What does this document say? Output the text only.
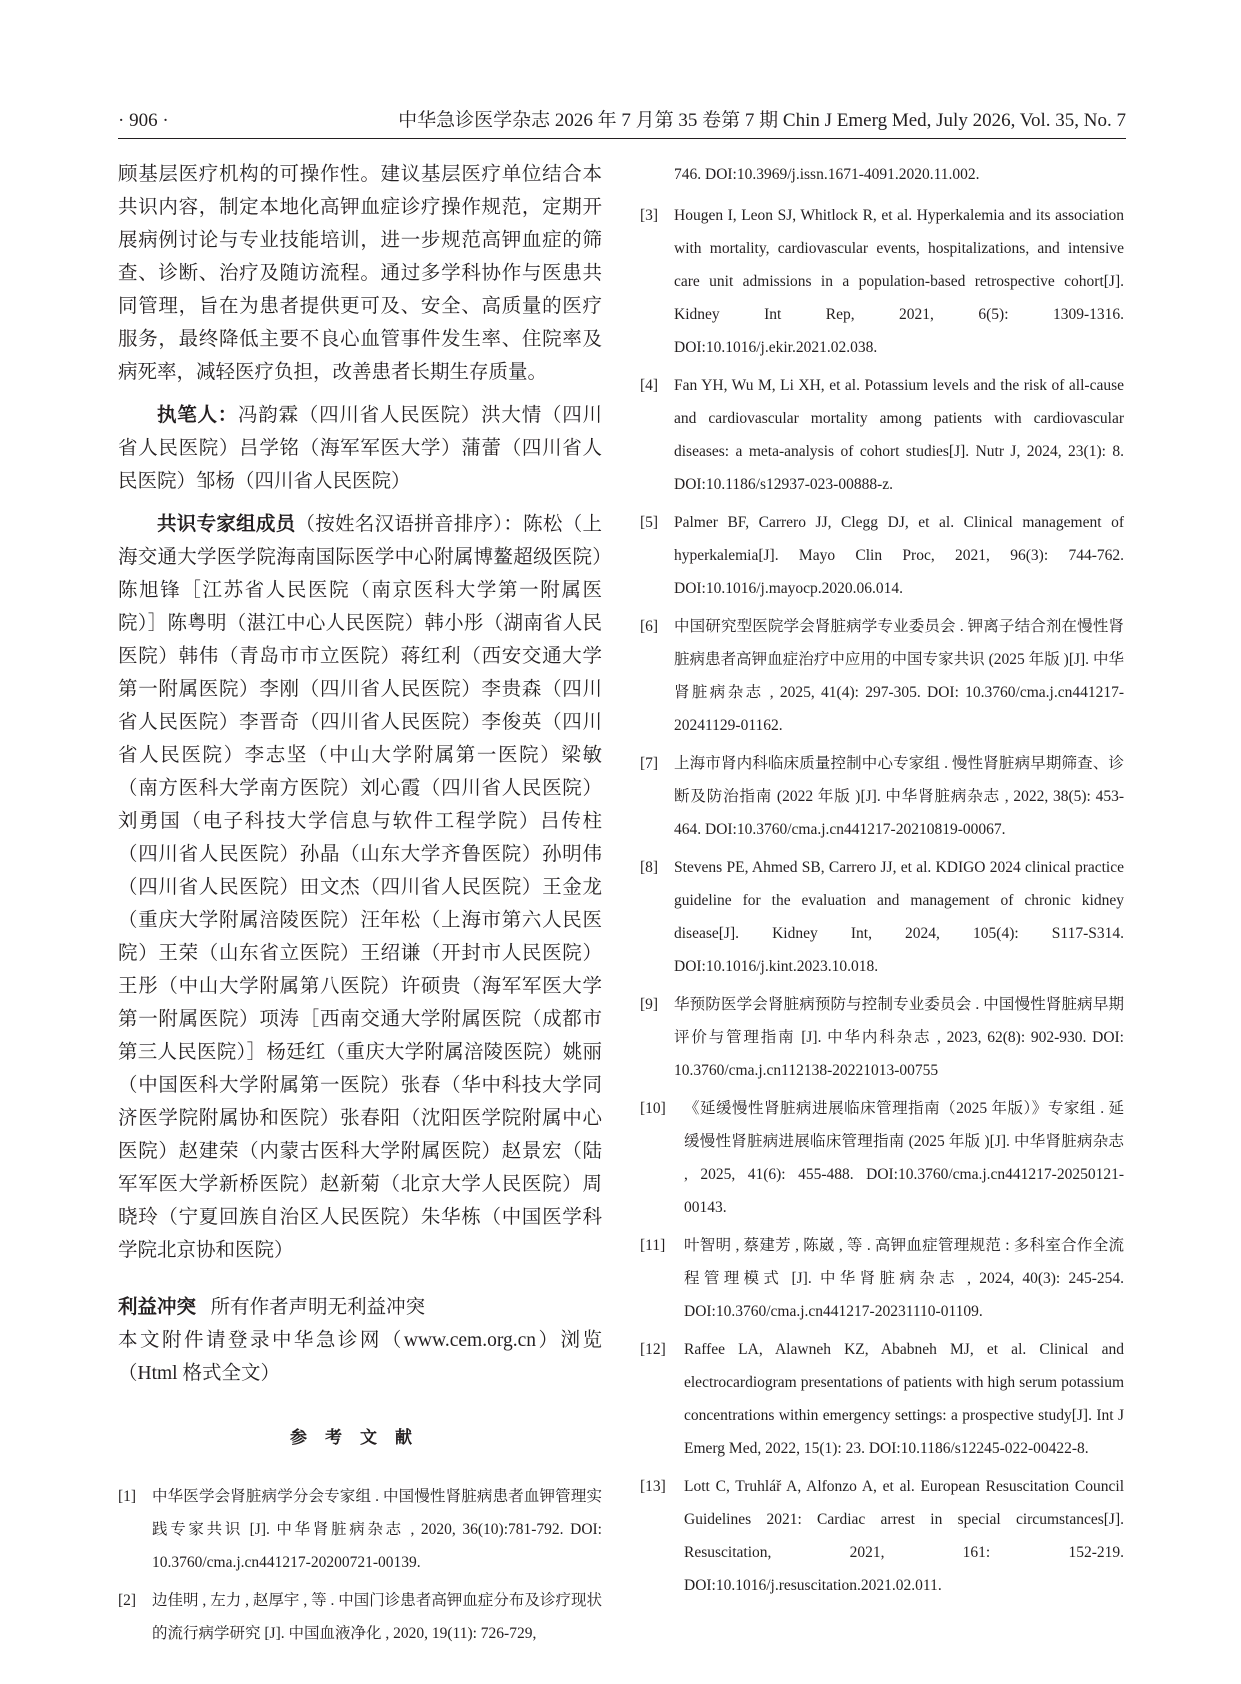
· 906 ·	中华急诊医学杂志 2026 年 7 月第 35 卷第 7 期 Chin J Emerg Med, July 2026, Vol. 35, No. 7

顾基层医疗机构的可操作性。建议基层医疗单位结合本共识内容，制定本地化高钾血症诊疗操作规范，定期开展病例讨论与专业技能培训，进一步规范高钾血症的筛查、诊断、治疗及随访流程。通过多学科协作与医患共同管理，旨在为患者提供更可及、安全、高质量的医疗服务，最终降低主要不良心血管事件发生率、住院率及病死率，减轻医疗负担，改善患者长期生存质量。

执笔人：冯韵霖（四川省人民医院）洪大情（四川省人民医院）吕学铭（海军军医大学）蒲蕾（四川省人民医院）邹杨（四川省人民医院）

共识专家组成员（按姓名汉语拼音排序）：陈松（上海交通大学医学院海南国际医学中心附属博鳌超级医院）陈旭锋［江苏省人民医院（南京医科大学第一附属医院）］陈粤明（湛江中心人民医院）韩小彤（湖南省人民医院）韩伟（青岛市市立医院）蒋红利（西安交通大学第一附属医院）李刚（四川省人民医院）李贵森（四川省人民医院）李晋奇（四川省人民医院）李俊英（四川省人民医院）李志坚（中山大学附属第一医院）梁敏（南方医科大学南方医院）刘心霞（四川省人民医院）刘勇国（电子科技大学信息与软件工程学院）吕传柱（四川省人民医院）孙晶（山东大学齐鲁医院）孙明伟（四川省人民医院）田文杰（四川省人民医院）王金龙（重庆大学附属涪陵医院）汪年松（上海市第六人民医院）王荣（山东省立医院）王绍谦（开封市人民医院）王彤（中山大学附属第八医院）许硕贵（海军军医大学第一附属医院）项涛［西南交通大学附属医院（成都市第三人民医院）］杨廷红（重庆大学附属涪陵医院）姚丽（中国医科大学附属第一医院）张春（华中科技大学同济医学院附属协和医院）张春阳（沈阳医学院附属中心医院）赵建荣（内蒙古医科大学附属医院）赵景宏（陆军军医大学新桥医院）赵新菊（北京大学人民医院）周晓玲（宁夏回族自治区人民医院）朱华栋（中国医学科学院北京协和医院）

利益冲突 所有作者声明无利益冲突

本文附件请登录中华急诊网（www.cem.org.cn）浏览（Html 格式全文）

参考文献
[1] 中华医学会肾脏病学分会专家组 . 中国慢性肾脏病患者血钾管理实践专家共识 [J]. 中华肾脏病杂志 , 2020, 36(10):781-792. DOI: 10.3760/cma.j.cn441217-20200721-00139.
[2] 边佳明 , 左力 , 赵厚宇 , 等 . 中国门诊患者高钾血症分布及诊疗现状的流行病学研究 [J]. 中国血液净化 , 2020, 19(11): 726-729,
746. DOI:10.3969/j.issn.1671-4091.2020.11.002.
[3] Hougen I, Leon SJ, Whitlock R, et al. Hyperkalemia and its association with mortality, cardiovascular events, hospitalizations, and intensive care unit admissions in a population-based retrospective cohort[J]. Kidney Int Rep, 2021, 6(5): 1309-1316. DOI:10.1016/j.ekir.2021.02.038.
[4] Fan YH, Wu M, Li XH, et al. Potassium levels and the risk of all-cause and cardiovascular mortality among patients with cardiovascular diseases: a meta-analysis of cohort studies[J]. Nutr J, 2024, 23(1): 8. DOI:10.1186/s12937-023-00888-z.
[5] Palmer BF, Carrero JJ, Clegg DJ, et al. Clinical management of hyperkalemia[J]. Mayo Clin Proc, 2021, 96(3): 744-762. DOI:10.1016/j.mayocp.2020.06.014.
[6] 中国研究型医院学会肾脏病学专业委员会 . 钾离子结合剂在慢性肾脏病患者高钾血症治疗中应用的中国专家共识 (2025 年版 )[J]. 中华肾脏病杂志 , 2025, 41(4): 297-305. DOI: 10.3760/cma.j.cn441217-20241129-01162.
[7] 上海市肾内科临床质量控制中心专家组 . 慢性肾脏病早期筛查、诊断及防治指南 (2022 年版 )[J]. 中华肾脏病杂志 , 2022, 38(5): 453-464. DOI:10.3760/cma.j.cn441217-20210819-00067.
[8] Stevens PE, Ahmed SB, Carrero JJ, et al. KDIGO 2024 clinical practice guideline for the evaluation and management of chronic kidney disease[J]. Kidney Int, 2024, 105(4): S117-S314. DOI:10.1016/j.kint.2023.10.018.
[9] 华预防医学会肾脏病预防与控制专业委员会 . 中国慢性肾脏病早期评价与管理指南 [J]. 中华内科杂志 , 2023, 62(8): 902-930. DOI: 10.3760/cma.j.cn112138-20221013-00755
[10] 《延缓慢性肾脏病进展临床管理指南（2025 年版）》专家组 . 延缓慢性肾脏病进展临床管理指南 (2025 年版 )[J]. 中华肾脏病杂志 , 2025, 41(6): 455-488. DOI:10.3760/cma.j.cn441217-20250121-00143.
[11] 叶智明 , 蔡建芳 , 陈崴 , 等 . 高钾血症管理规范 : 多科室合作全流程管理模式 [J]. 中华肾脏病杂志 , 2024, 40(3): 245-254. DOI:10.3760/cma.j.cn441217-20231110-01109.
[12] Raffee LA, Alawneh KZ, Ababneh MJ, et al. Clinical and electrocardiogram presentations of patients with high serum potassium concentrations within emergency settings: a prospective study[J]. Int J Emerg Med, 2022, 15(1): 23. DOI:10.1186/s12245-022-00422-8.
[13] Lott C, Truhlář A, Alfonzo A, et al. European Resuscitation Council Guidelines 2021: Cardiac arrest in special circumstances[J]. Resuscitation, 2021, 161: 152-219. DOI:10.1016/j.resuscitation.2021.02.011.
